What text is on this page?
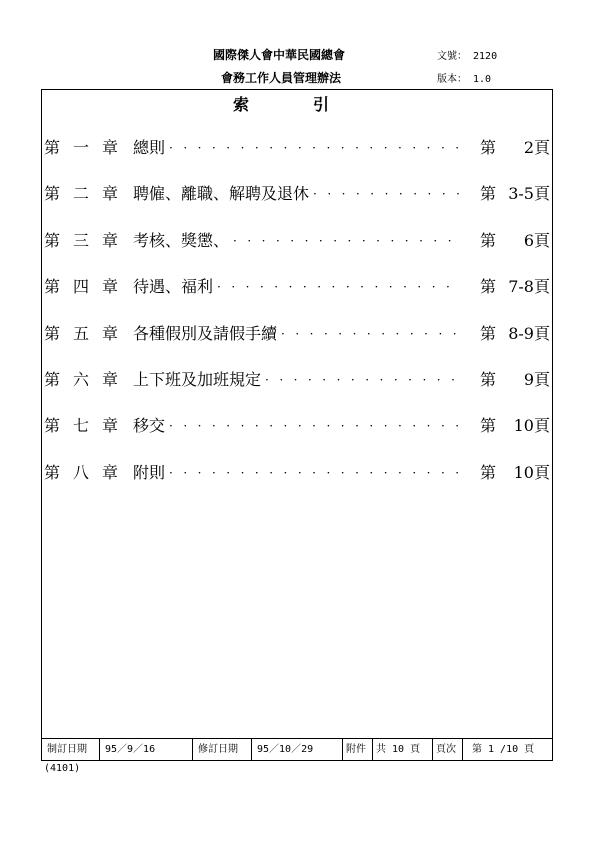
國際傑人會中華民國總會	文號： 2120
會務工作人員管理辦法	版本： 1.0
索　　　　引
第一章 總則 ····················· 第 2頁
第二章 聘僱、離職、解聘及退休 ··········· 第 3-5頁
第三章 考核、獎懲、 ················	第 6頁
第四章 待遇、福利 ·················	第 7-8頁
第五章 各種假別及請假手續 ············· 第 8-9頁
第六章 上下班及加班規定 ·············· 第 9頁
第七章 移交 ····················· 第 10頁
第八章 附則 ····················· 第 10頁
制訂日期	95／9／16	修訂日期	95／10／29	附件	共 10 頁	頁次	第 1 /10 頁
(4101)
